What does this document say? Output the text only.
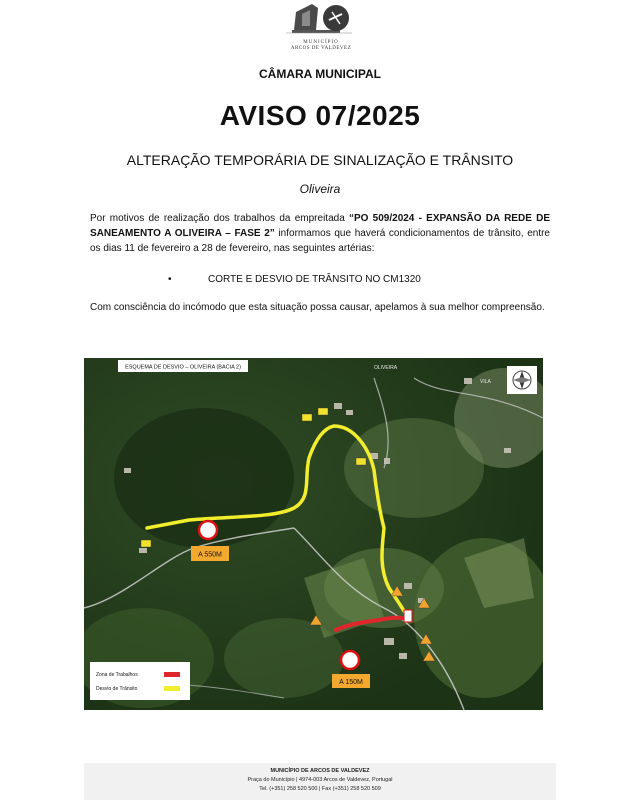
MUNICÍPIO
ARCOS DE VALDEVEZ
CÂMARA MUNICIPAL
AVISO 07/2025
ALTERAÇÃO TEMPORÁRIA DE SINALIZAÇÃO E TRÂNSITO
Oliveira

Por motivos de realização dos trabalhos da empreitada “PO 509/2024 - EXPANSÃO DA REDE DE SANEAMENTO A OLIVEIRA – FASE 2” informamos que haverá condicionamentos de trânsito, entre os dias 11 de fevereiro a 28 de fevereiro, nas seguintes artérias:

•	CORTE E DESVIO DE TRÂNSITO NO CM1320

Com consciência do incómodo que esta situação possa causar, apelamos à sua melhor compreensão.

ESQUEMA DE DESVIO – OLIVEIRA (BACIA 2)	OLIVEIRA
VILA
A 550M
A 150M
Zona de Trabalhos
Desvio de Trânsito
MUNICÍPIO DE ARCOS DE VALDEVEZ
Praça do Município | 4974-003 Arcos de Valdevez, Portugal
Tel. (+351) 258 520 500 | Fax (+351) 258 520 509
